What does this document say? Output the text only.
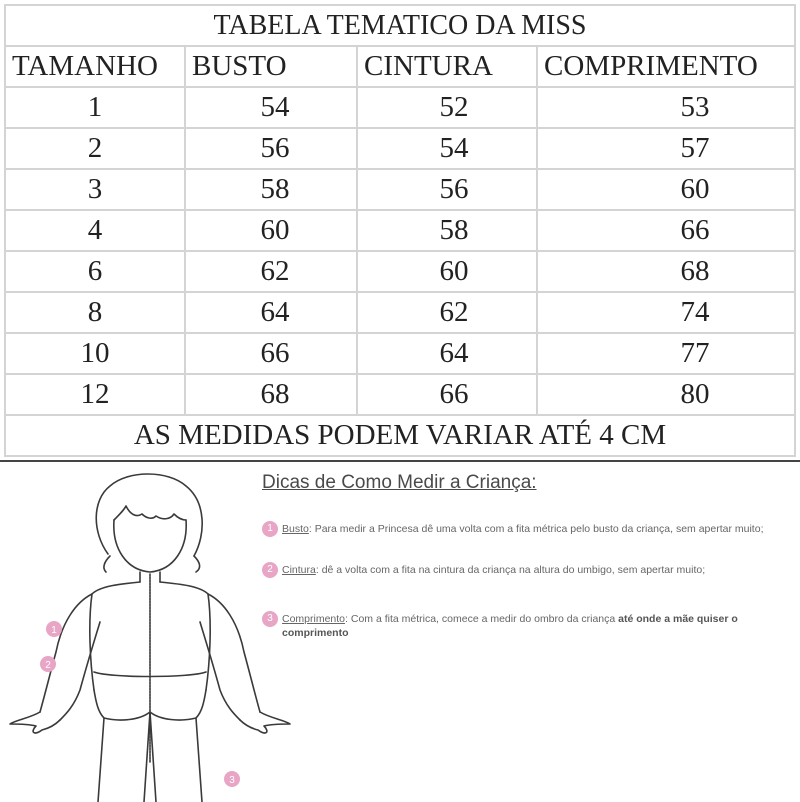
TABELA TEMATICO DA MISS			
TAMANHO	BUSTO	CINTURA	COMPRIMENTO
1	54	52	53
2	56	54	57
3	58	56	60
4	60	58	66
6	62	60	68
8	64	62	74
10	66	64	77
12	68	66	80
AS MEDIDAS PODEM VARIAR ATÉ 4 CM			
1
2
3
Dicas de Como Medir a Criança:
1 Busto: Para medir a Princesa dê uma volta com a fita métrica pelo busto da criança, sem apertar muito;
2 Cintura: dê a volta com a fita na cintura da criança na altura do umbigo, sem apertar muito;
3 Comprimento: Com a fita métrica, comece a medir do ombro da criança até onde a mãe quiser o comprimento
